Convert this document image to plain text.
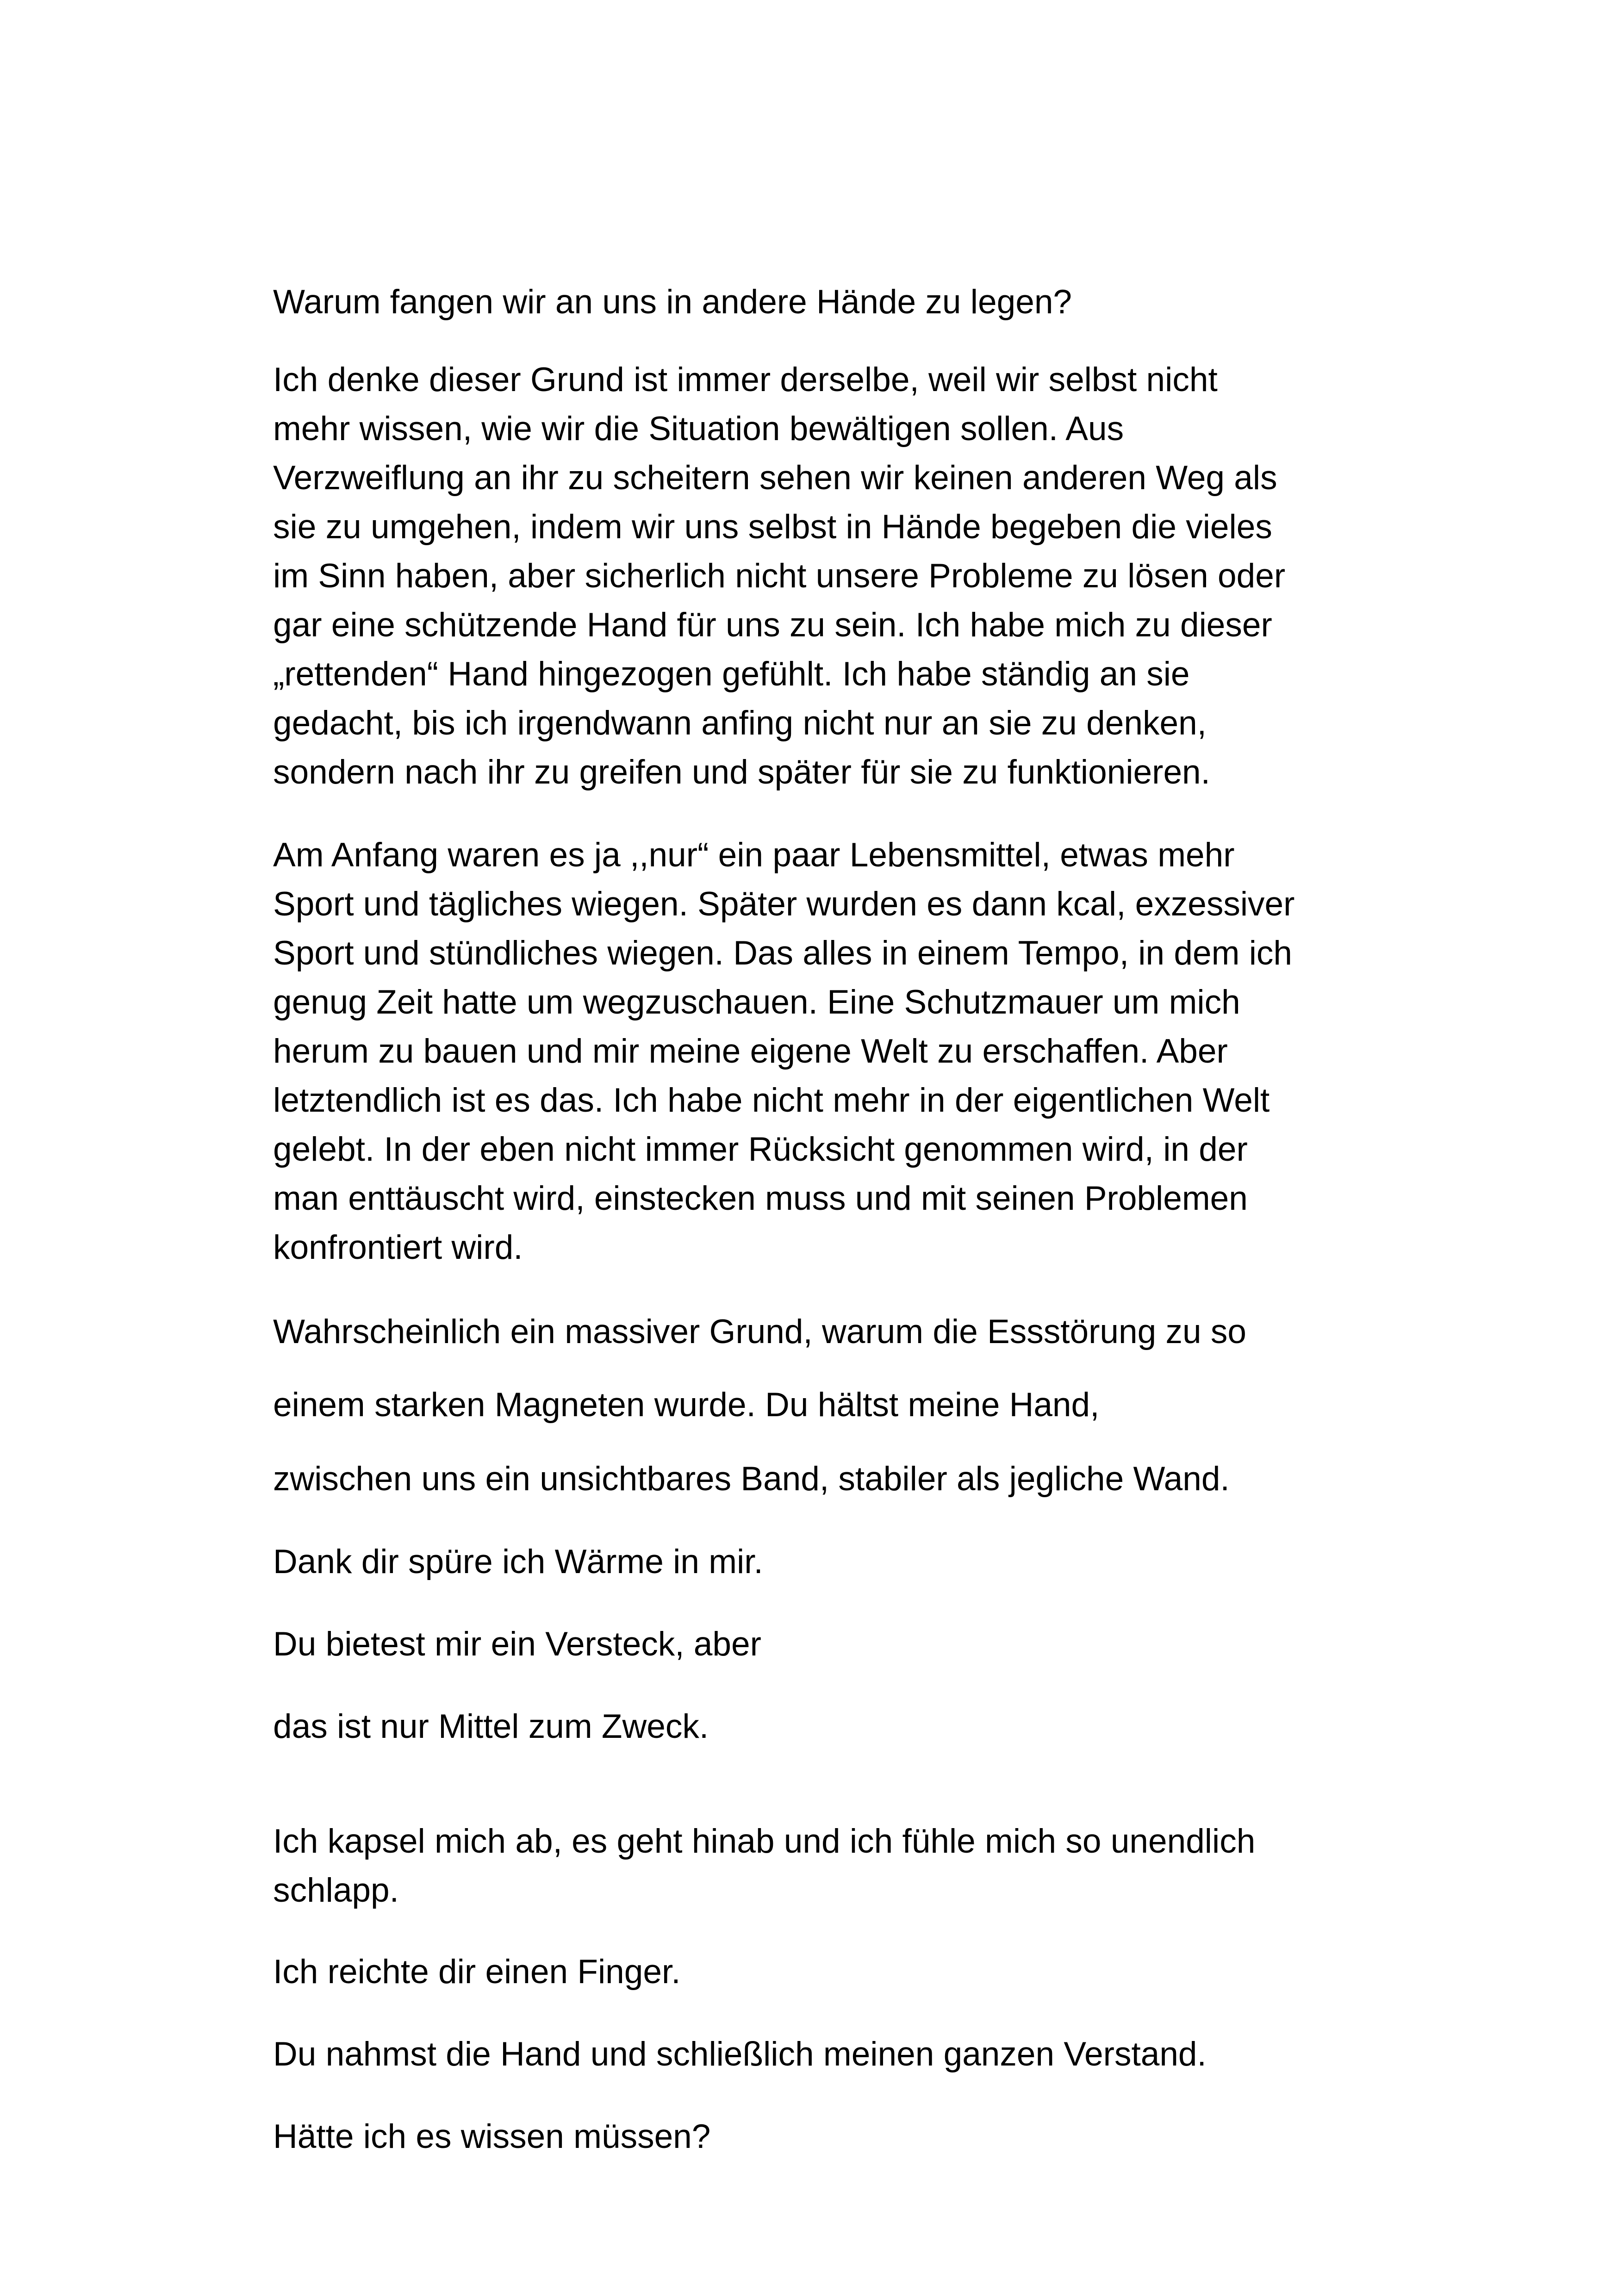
Warum fangen wir an uns in andere Hände zu legen?

Ich denke dieser Grund ist immer derselbe, weil wir selbst nicht
mehr wissen, wie wir die Situation bewältigen sollen. Aus
Verzweiflung an ihr zu scheitern sehen wir keinen anderen Weg als
sie zu umgehen, indem wir uns selbst in Hände begeben die vieles
im Sinn haben, aber sicherlich nicht unsere Probleme zu lösen oder
gar eine schützende Hand für uns zu sein. Ich habe mich zu dieser
„rettenden“ Hand hingezogen gefühlt. Ich habe ständig an sie
gedacht, bis ich irgendwann anfing nicht nur an sie zu denken,
sondern nach ihr zu greifen und später für sie zu funktionieren.

Am Anfang waren es ja ,,nur“ ein paar Lebensmittel, etwas mehr
Sport und tägliches wiegen. Später wurden es dann kcal, exzessiver
Sport und stündliches wiegen. Das alles in einem Tempo, in dem ich
genug Zeit hatte um wegzuschauen. Eine Schutzmauer um mich
herum zu bauen und mir meine eigene Welt zu erschaffen. Aber
letztendlich ist es das. Ich habe nicht mehr in der eigentlichen Welt
gelebt. In der eben nicht immer Rücksicht genommen wird, in der
man enttäuscht wird, einstecken muss und mit seinen Problemen
konfrontiert wird.

Wahrscheinlich ein massiver Grund, warum die Essstörung zu so

einem starken Magneten wurde. Du hältst meine Hand,

zwischen uns ein unsichtbares Band, stabiler als jegliche Wand.

Dank dir spüre ich Wärme in mir.

Du bietest mir ein Versteck, aber

das ist nur Mittel zum Zweck.

Ich kapsel mich ab, es geht hinab und ich fühle mich so unendlich
schlapp.

Ich reichte dir einen Finger.

Du nahmst die Hand und schließlich meinen ganzen Verstand.

Hätte ich es wissen müssen?
